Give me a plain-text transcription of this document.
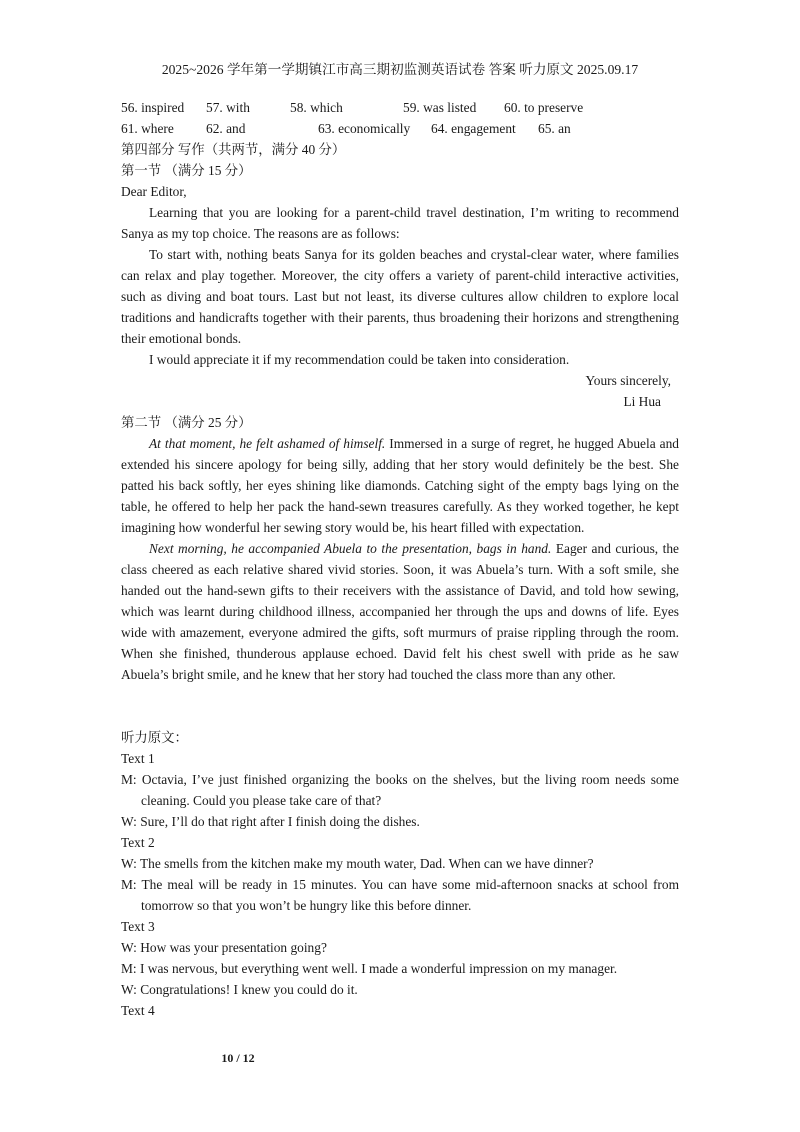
2025~2026 学年第一学期镇江市高三期初监测英语试卷 答案 听力原文 2025.09.17
56. inspired 57. with	58. which	59. was listed 60. to preserve
61. where 62. and	63. economically 64. engagement 65. an

第四部分 写作（共两节，满分 40 分）

第一节 （满分 15 分）

Dear Editor,

Learning that you are looking for a parent-child travel destination, I’m writing to recommend Sanya as my top choice. The reasons are as follows:

To start with, nothing beats Sanya for its golden beaches and crystal-clear water, where families can relax and play together. Moreover, the city offers a variety of parent-child interactive activities, such as diving and boat tours. Last but not least, its diverse cultures allow children to explore local traditions and handicrafts together with their parents, thus broadening their horizons and strengthening their emotional bonds.

I would appreciate it if my recommendation could be taken into consideration.

Yours sincerely,

Li Hua

第二节 （满分 25 分）

At that moment, he felt ashamed of himself. Immersed in a surge of regret, he hugged Abuela and extended his sincere apology for being silly, adding that her story would definitely be the best. She patted his back softly, her eyes shining like diamonds. Catching sight of the empty bags lying on the table, he offered to help her pack the hand-sewn treasures carefully. As they worked together, he kept imagining how wonderful her sewing story would be, his heart filled with expectation.

Next morning, he accompanied Abuela to the presentation, bags in hand. Eager and curious, the class cheered as each relative shared vivid stories. Soon, it was Abuela’s turn. With a soft smile, she handed out the hand-sewn gifts to their receivers with the assistance of David, and told how sewing, which was learnt during childhood illness, accompanied her through the ups and downs of life. Eyes wide with amazement, everyone admired the gifts, soft murmurs of praise rippling through the room. When she finished, thunderous applause echoed. David felt his chest swell with pride as he saw Abuela’s bright smile, and he knew that her story had touched the class more than any other.

听力原文：

Text 1

M: Octavia, I’ve just finished organizing the books on the shelves, but the living room needs some cleaning. Could you please take care of that?

W: Sure, I’ll do that right after I finish doing the dishes.

Text 2

W: The smells from the kitchen make my mouth water, Dad. When can we have dinner?

M: The meal will be ready in 15 minutes. You can have some mid-afternoon snacks at school from tomorrow so that you won’t be hungry like this before dinner.

Text 3

W: How was your presentation going?

M: I was nervous, but everything went well. I made a wonderful impression on my manager.

W: Congratulations! I knew you could do it.

Text 4

10 / 12
